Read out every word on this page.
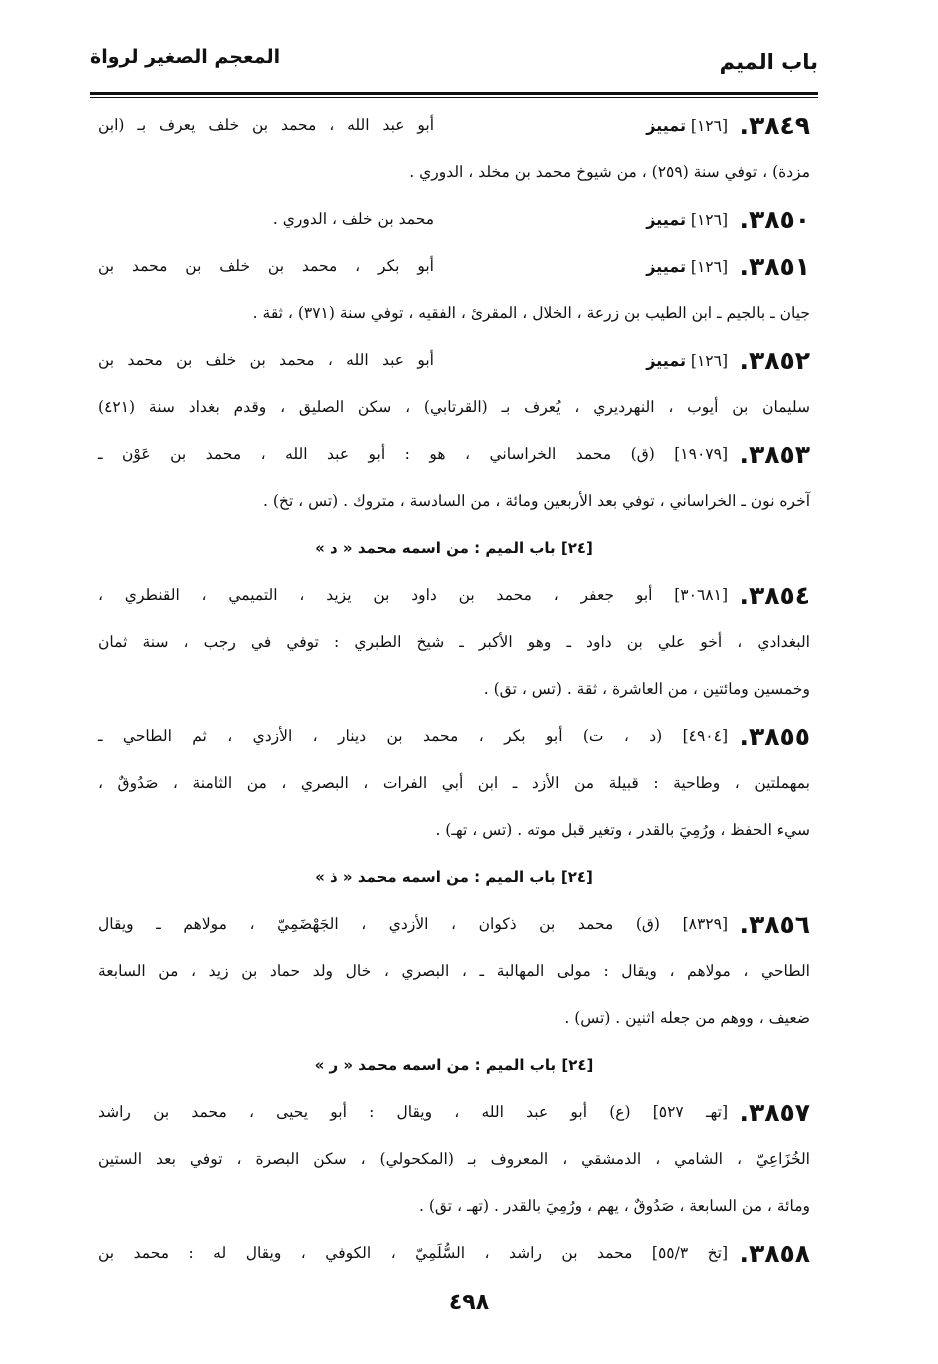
باب الميم
المعجم الصغير لرواة
٣٨٤٩.
[١٢٦] تمييز
أبو عبد الله ، محمد بن خلف يعرف بـ (ابن
مزدة) ، توفي سنة (٢٥٩) ، من شيوخ محمد بن مخلد ، الدوري .
٣٨٥٠.
[١٢٦] تمييز
محمد بن خلف ، الدوري .
٣٨٥١.
[١٢٦] تمييز
أبو بكر ، محمد بن خلف بن محمد بن
جيان ـ بالجيم ـ ابن الطيب بن زرعة ، الخلال ، المقرئ ، الفقيه ، توفي سنة (٣٧١) ، ثقة .
٣٨٥٢.
[١٢٦] تمييز
أبو عبد الله ، محمد بن خلف بن محمد بن
سليمان بن أيوب ، النهرديري ، يُعرف بـ (القرتابي) ، سكن الصليق ، وقدم بغداد سنة (٤٢١)
٣٨٥٣.
[١٩٠٧٩] (ق) محمد الخراساني ، هو : أبو عبد الله ، محمد بن عَوْن ـ
آخره نون ـ الخراساني ، توفي بعد الأربعين ومائة ، من السادسة ، متروك . (تس ، تخ) .
[٢٤] باب الميم : من اسمه محمد « د »
٣٨٥٤.
[٣٠٦٨١] أبو جعفر ، محمد بن داود بن يزيد ، التميمي ، القنطري ،
البغدادي ، أخو علي بن داود ـ وهو الأكبر ـ شيخ الطبري : توفي في رجب ، سنة ثمان
وخمسين ومائتين ، من العاشرة ، ثقة . (تس ، تق) .
٣٨٥٥.
[٤٩٠٤] (د ، ت) أبو بكر ، محمد بن دينار ، الأزدي ، ثم الطاحي ـ
بمهملتين ، وطاحية : قبيلة من الأزد ـ ابن أبي الفرات ، البصري ، من الثامنة ، صَدُوقٌ ،
سيء الحفظ ، ورُمِيَ بالقدر ، وتغير قبل موته . (تس ، تهـ) .
[٢٤] باب الميم : من اسمه محمد « ذ »
٣٨٥٦.
[٨٣٢٩] (ق) محمد بن ذكوان ، الأزدي ، الجَهْضَمِيّ ، مولاهم ـ ويقال
الطاحي ، مولاهم ، ويقال : مولى المهالبة ـ ، البصري ، خال ولد حماد بن زيد ، من السابعة
ضعيف ، ووهم من جعله اثنين . (تس) .
[٢٤] باب الميم : من اسمه محمد « ر »
٣٨٥٧.
[تهـ ٥٢٧] (ع) أبو عبد الله ، ويقال : أبو يحيى ، محمد بن راشد
الخُزَاعِيّ ، الشامي ، الدمشقي ، المعروف بـ (المكحولي) ، سكن البصرة ، توفي بعد الستين
ومائة ، من السابعة ، صَدُوقٌ ، يهم ، ورُمِيَ بالقدر . (تهـ ، تق) .
٣٨٥٨.
[تخ ٥٥/٣] محمد بن راشد ، السُّلَمِيّ ، الكوفي ، ويقال له : محمد بن
٤٩٨
